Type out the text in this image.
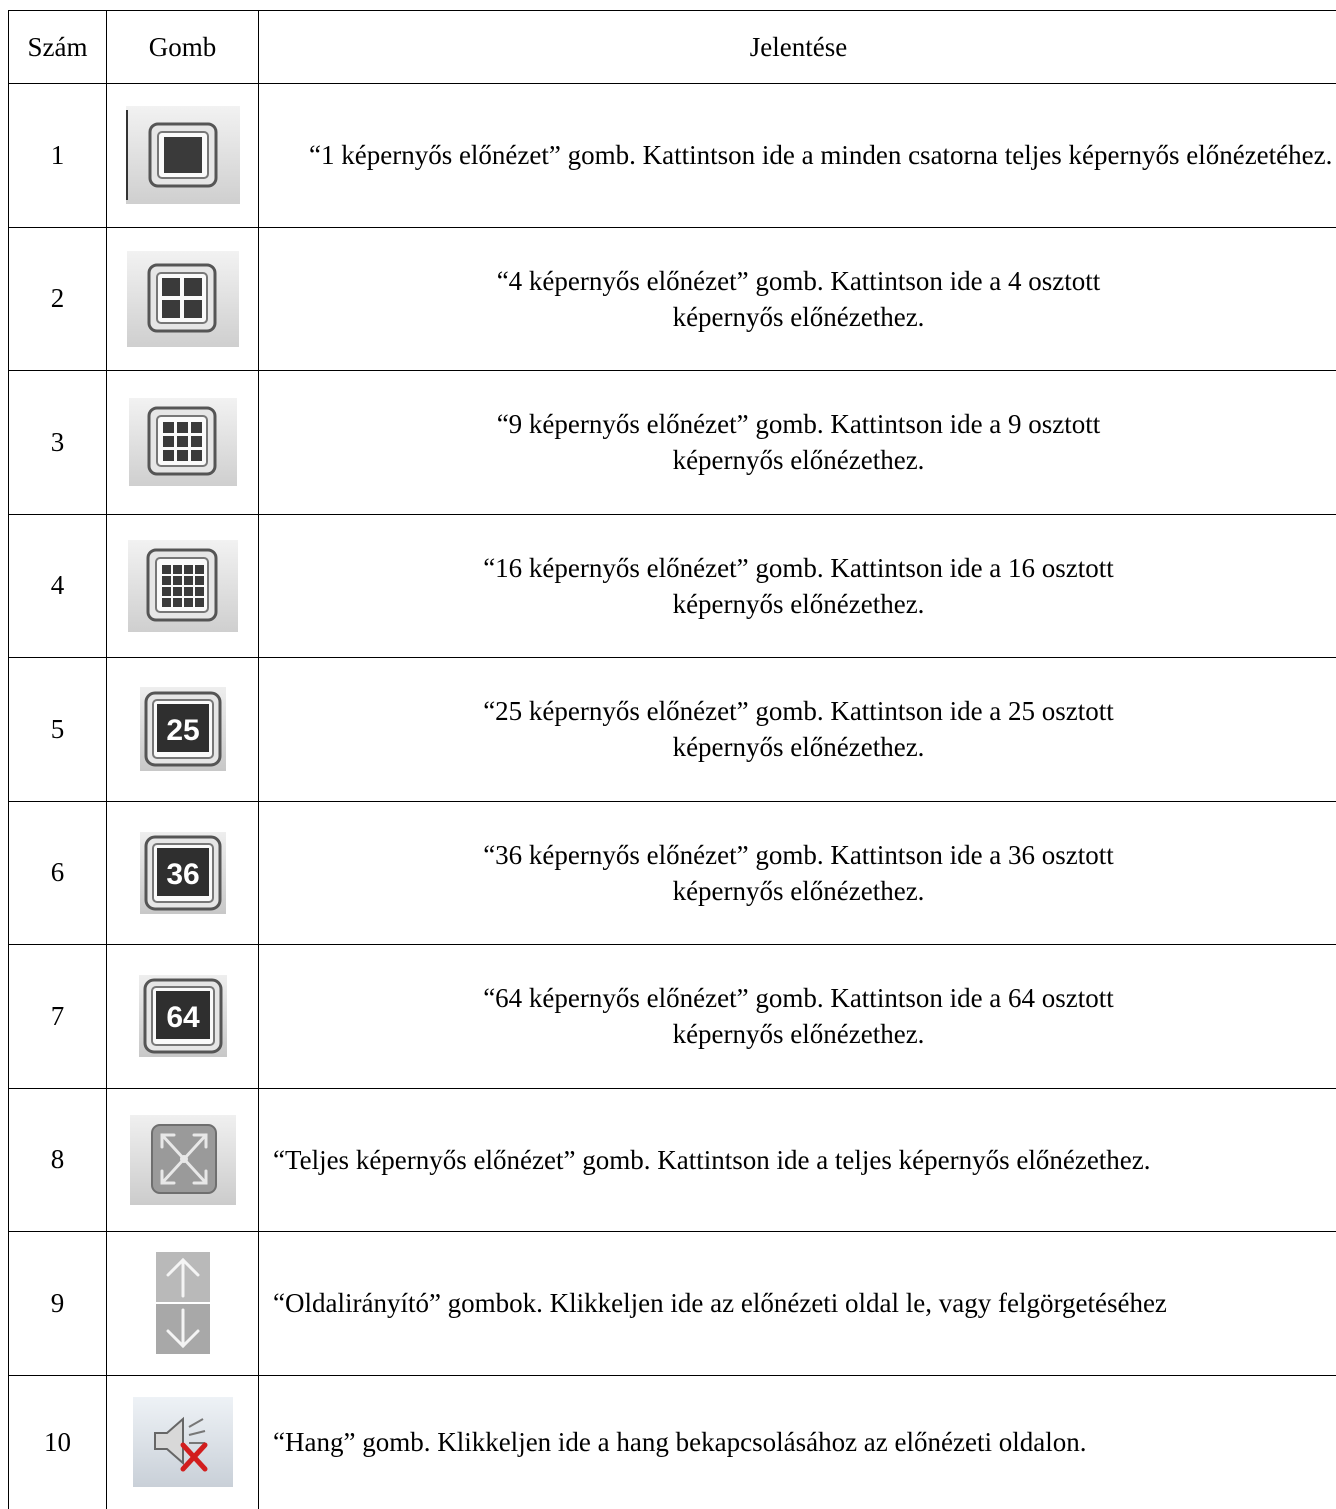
Szám	Gomb	Jelentése
1		“1 képernyős előnézet” gomb. Kattintson ide a minden csatorna teljes képernyős előnézetéhez.
2		“4 képernyős előnézet” gomb. Kattintson ide a 4 osztott
képernyős előnézethez.

3		“9 képernyős előnézet” gomb. Kattintson ide a 9 osztott
képernyős előnézethez.

4		“16 képernyős előnézet” gomb. Kattintson ide a 16 osztott
képernyős előnézethez.

5	25	“25 képernyős előnézet” gomb. Kattintson ide a 25 osztott
képernyős előnézethez.

6	36	“36 képernyős előnézet” gomb. Kattintson ide a 36 osztott
képernyős előnézethez.

7	64	“64 képernyős előnézet” gomb. Kattintson ide a 64 osztott
képernyős előnézethez.

8		“Teljes képernyős előnézet” gomb. Kattintson ide a teljes képernyős előnézethez.
9		“Oldalirányító” gombok. Klikkeljen ide az előnézeti oldal le, vagy felgörgetéséhez
10		“Hang” gomb. Klikkeljen ide a hang bekapcsolásához az előnézeti oldalon.
